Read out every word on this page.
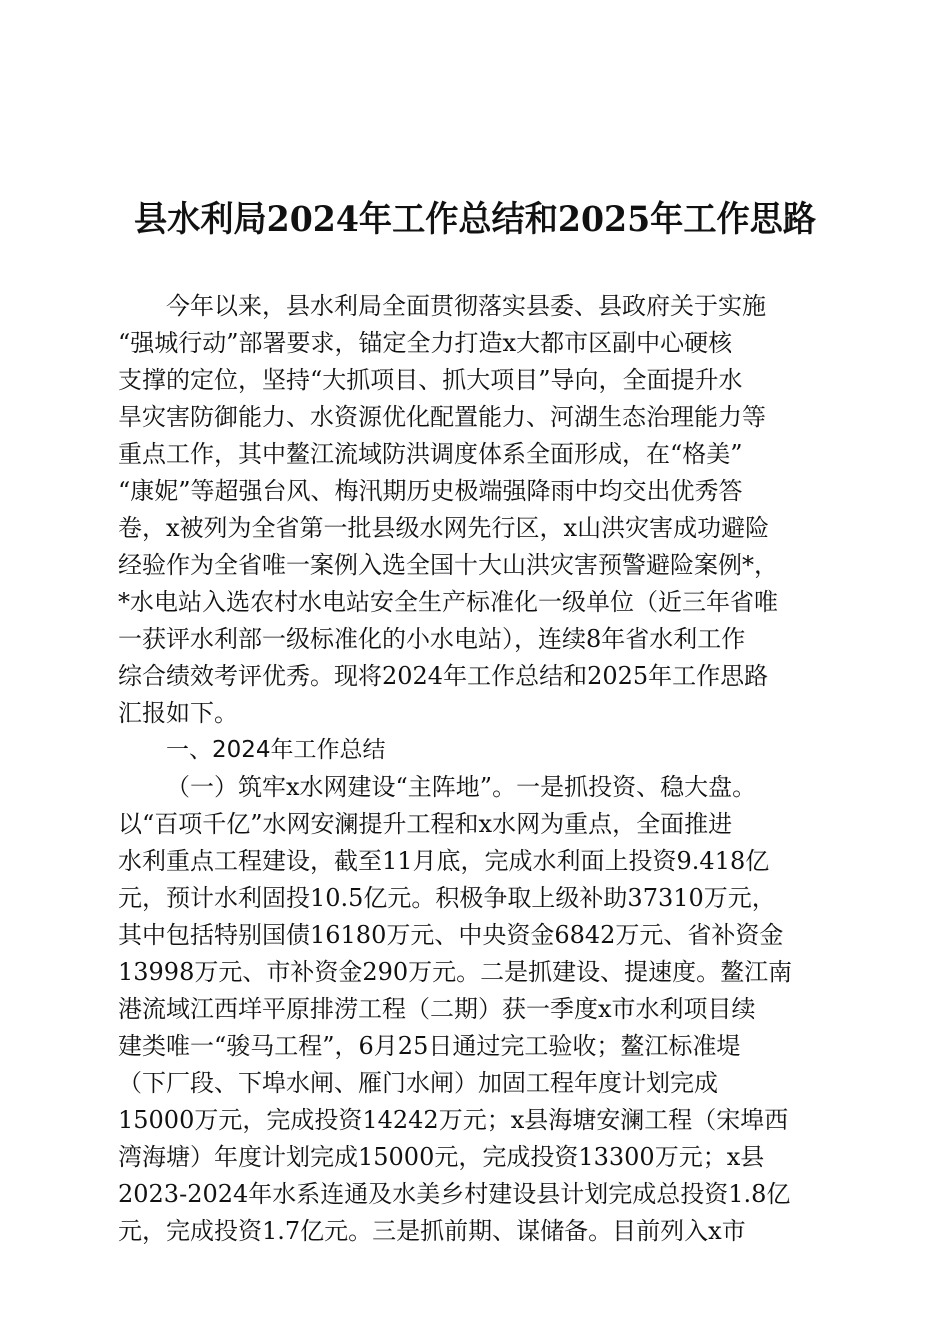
县水利局2024年工作总结和2025年工作思路
今年以来，县水利局全面贯彻落实县委、县政府关于实施
“强城行动”部署要求，锚定全力打造x大都市区副中心硬核
支撑的定位，坚持“大抓项目、抓大项目”导向，全面提升水
旱灾害防御能力、水资源优化配置能力、河湖生态治理能力等
重点工作，其中鳌江流域防洪调度体系全面形成，在“格美”
“康妮”等超强台风、梅汛期历史极端强降雨中均交出优秀答
卷，x被列为全省第一批县级水网先行区，x山洪灾害成功避险
经验作为全省唯一案例入选全国十大山洪灾害预警避险案例*，
*水电站入选农村水电站安全生产标准化一级单位（近三年省唯
一获评水利部一级标准化的小水电站），连续8年省水利工作
综合绩效考评优秀。现将2024年工作总结和2025年工作思路
汇报如下。
一、2024年工作总结
（一）筑牢x水网建设“主阵地”。一是抓投资、稳大盘。
以“百项千亿”水网安澜提升工程和x水网为重点，全面推进
水利重点工程建设，截至11月底，完成水利面上投资9.418亿
元，预计水利固投10.5亿元。积极争取上级补助37310万元，
其中包括特别国债16180万元、中央资金6842万元、省补资金
13998万元、市补资金290万元。二是抓建设、提速度。鳌江南
港流域江西垟平原排涝工程（二期）获一季度x市水利项目续
建类唯一“骏马工程”，6月25日通过完工验收；鳌江标准堤
（下厂段、下埠水闸、雁门水闸）加固工程年度计划完成
15000万元，完成投资14242万元；x县海塘安澜工程（宋埠西
湾海塘）年度计划完成15000元，完成投资13300万元；x县
2023-2024年水系连通及水美乡村建设县计划完成总投资1.8亿
元，完成投资1.7亿元。三是抓前期、谋储备。目前列入x市
